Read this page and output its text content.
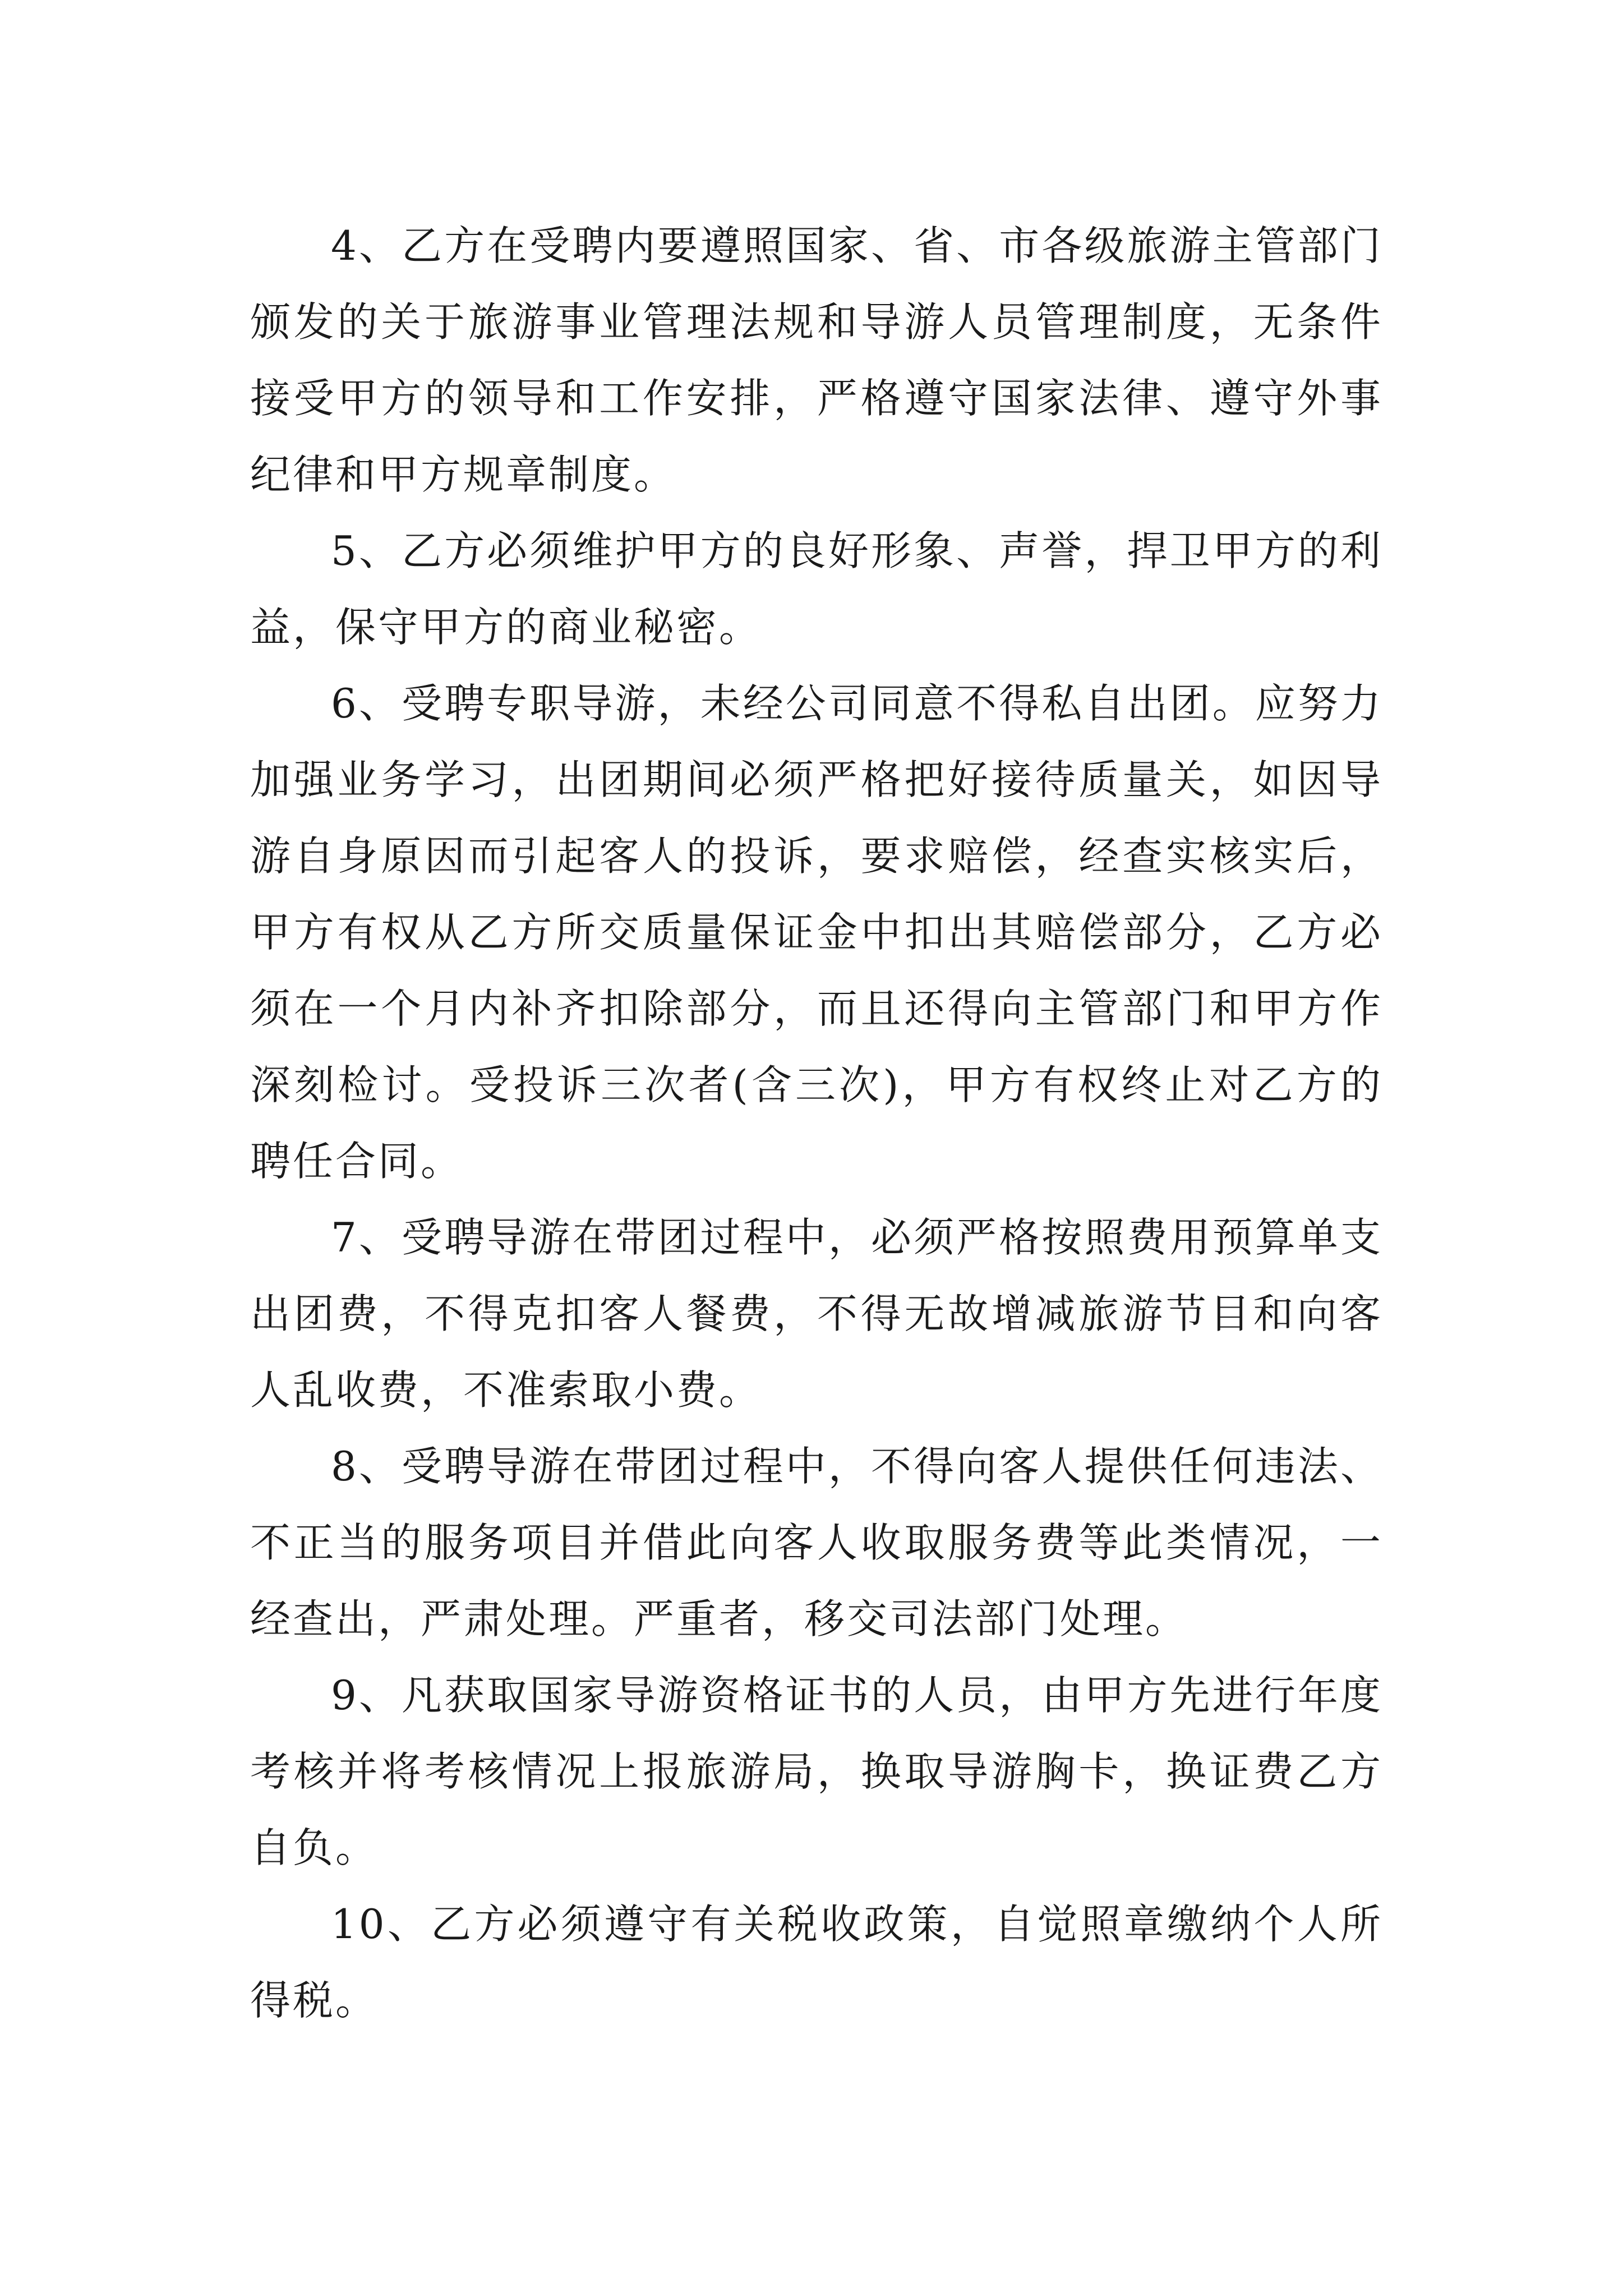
4、乙方在受聘内要遵照国家、省、市各级旅游主管部门颁发的关于旅游事业管理法规和导游人员管理制度，无条件接受甲方的领导和工作安排，严格遵守国家法律、遵守外事纪律和甲方规章制度。

5、乙方必须维护甲方的良好形象、声誉，捍卫甲方的利益，保守甲方的商业秘密。

6、受聘专职导游，未经公司同意不得私自出团。应努力加强业务学习，出团期间必须严格把好接待质量关，如因导游自身原因而引起客人的投诉，要求赔偿，经查实核实后，甲方有权从乙方所交质量保证金中扣出其赔偿部分，乙方必须在一个月内补齐扣除部分，而且还得向主管部门和甲方作深刻检讨。受投诉三次者(含三次)，甲方有权终止对乙方的聘任合同。

7、受聘导游在带团过程中，必须严格按照费用预算单支出团费，不得克扣客人餐费，不得无故增减旅游节目和向客人乱收费，不准索取小费。

8、受聘导游在带团过程中，不得向客人提供任何违法、不正当的服务项目并借此向客人收取服务费等此类情况，一经查出，严肃处理。严重者，移交司法部门处理。

9、凡获取国家导游资格证书的人员，由甲方先进行年度考核并将考核情况上报旅游局，换取导游胸卡，换证费乙方自负。

10、乙方必须遵守有关税收政策，自觉照章缴纳个人所得税。
